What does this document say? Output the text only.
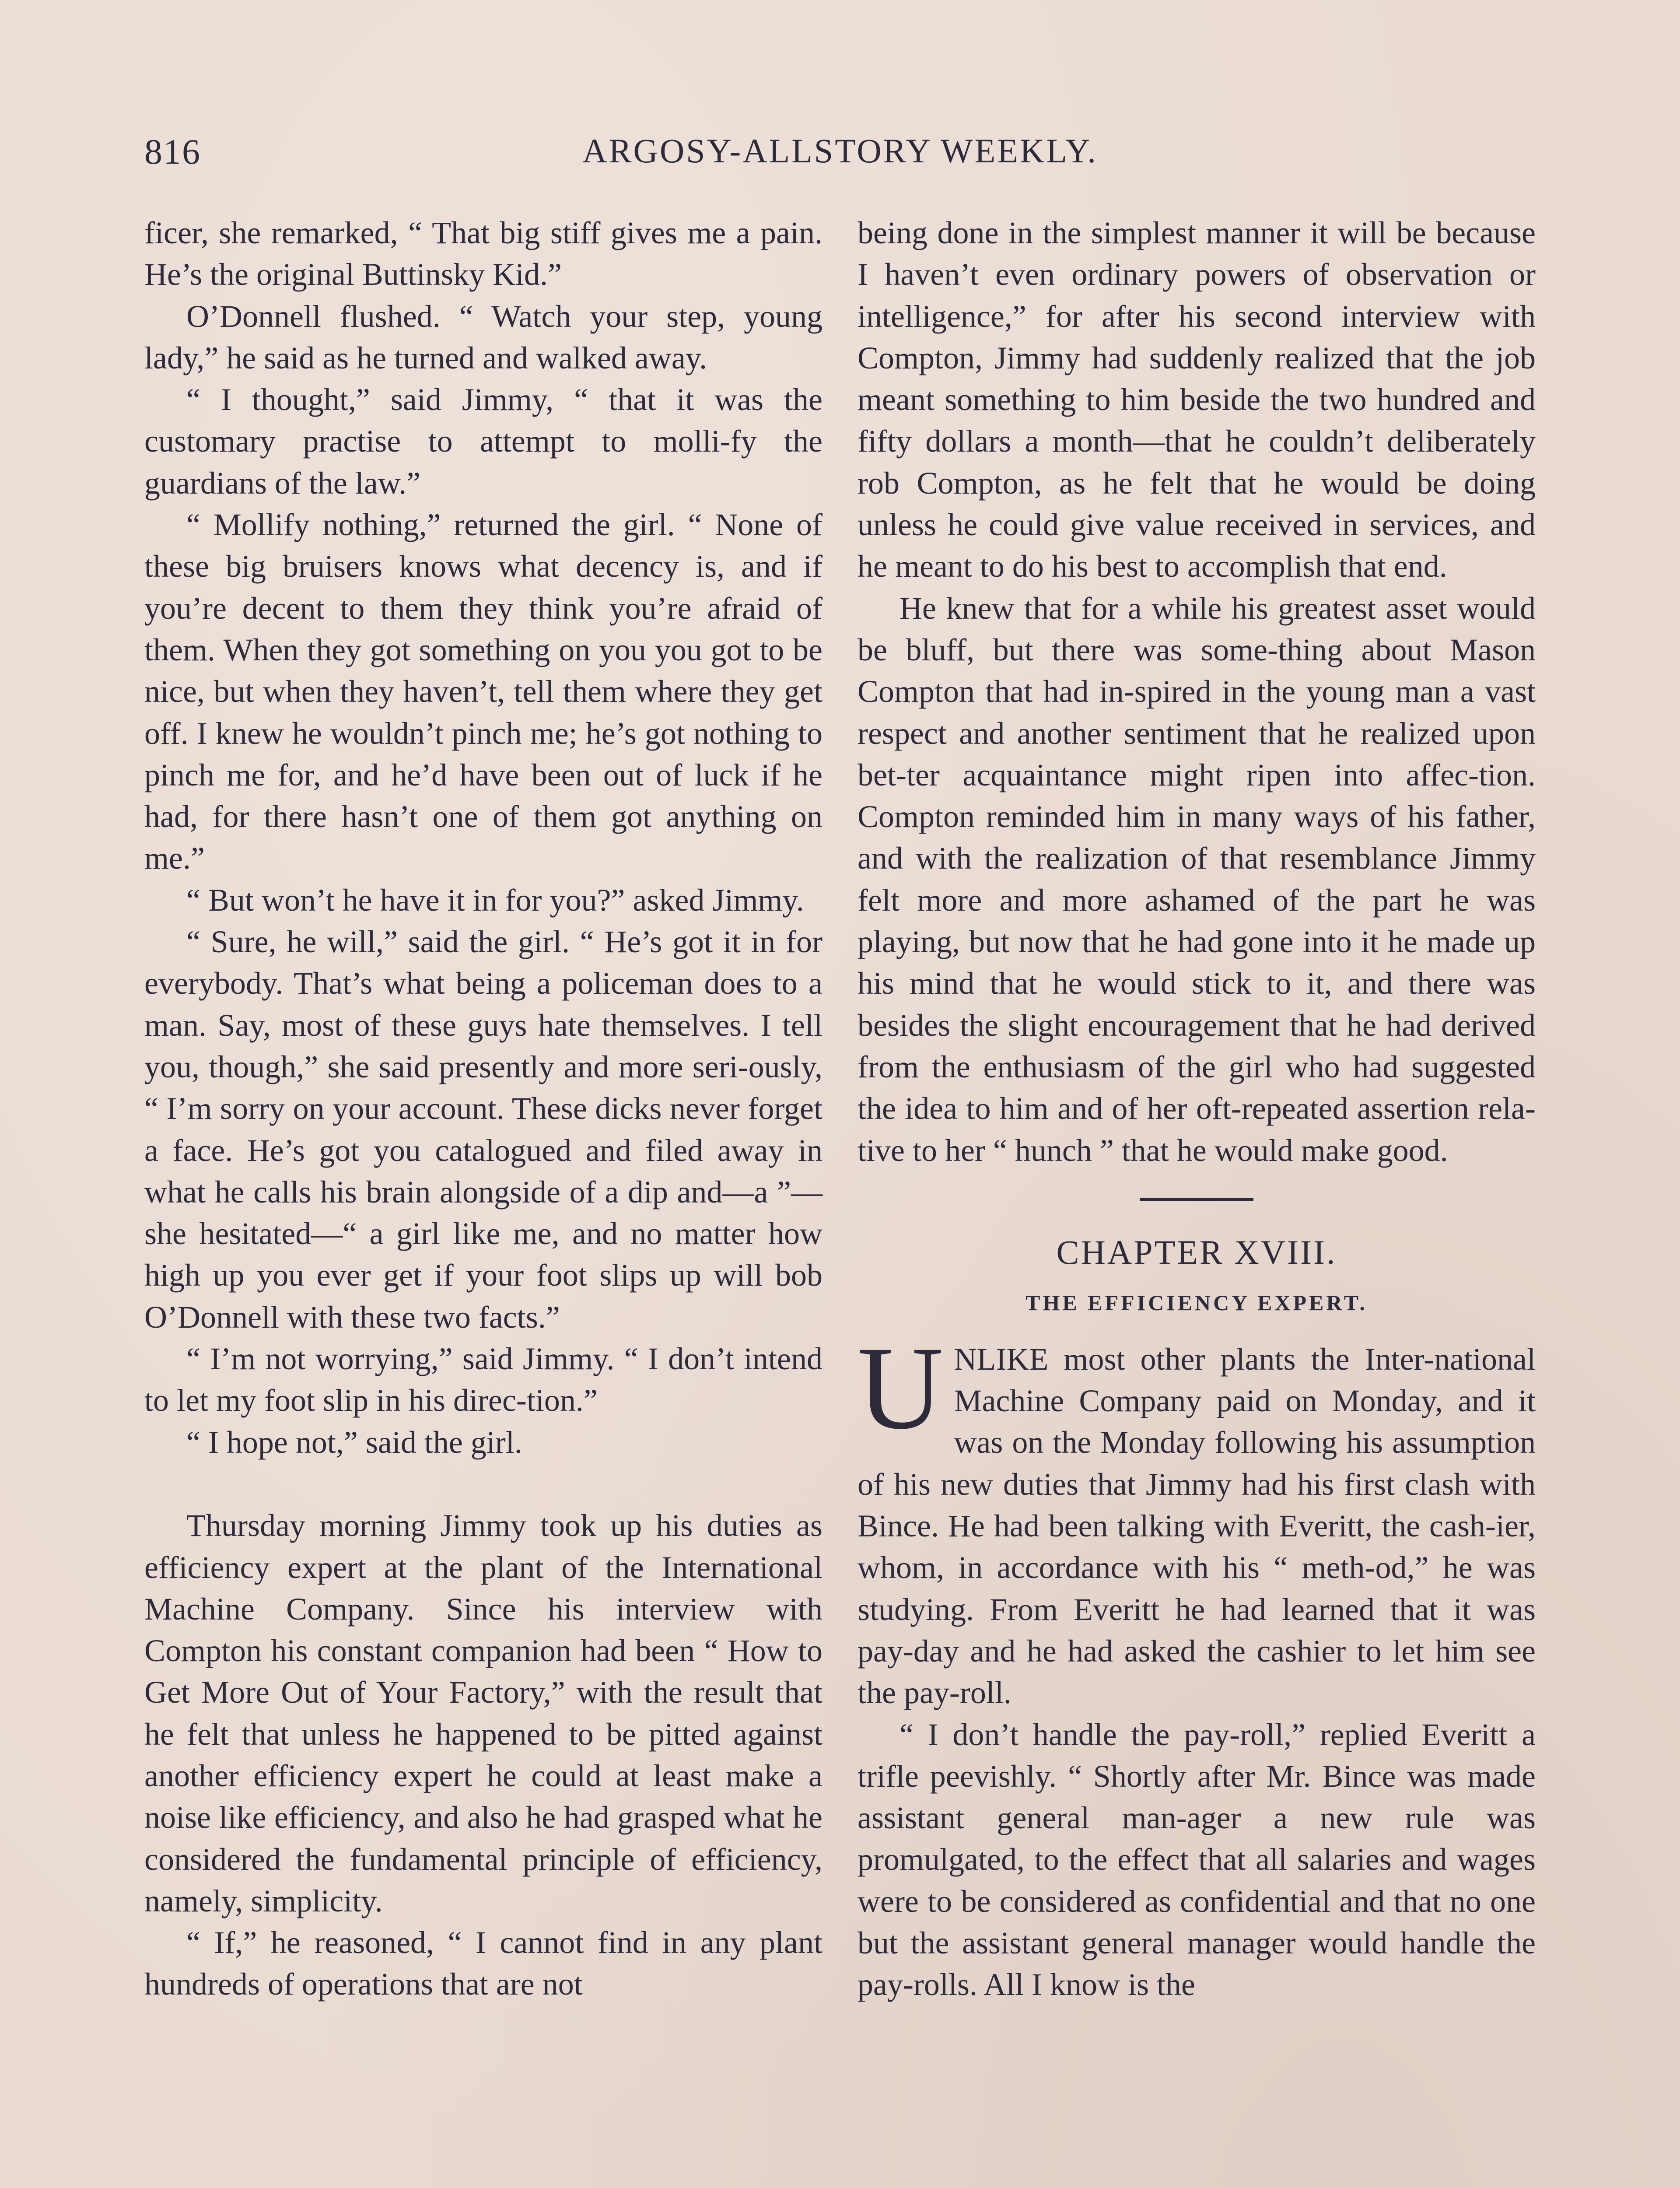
816	ARGOSY-ALLSTORY WEEKLY.

ficer, she remarked, “ That big stiff gives me a pain. He’s the original Buttinsky Kid.”

O’Donnell flushed. “ Watch your step, young lady,” he said as he turned and walked away.

“ I thought,” said Jimmy, “ that it was the customary practise to attempt to molli-fy the guardians of the law.”

“ Mollify nothing,” returned the girl. “ None of these big bruisers knows what decency is, and if you’re decent to them they think you’re afraid of them. When they got something on you you got to be nice, but when they haven’t, tell them where they get off. I knew he wouldn’t pinch me; he’s got nothing to pinch me for, and he’d have been out of luck if he had, for there hasn’t one of them got anything on me.”

“ But won’t he have it in for you?” asked Jimmy.

“ Sure, he will,” said the girl. “ He’s got it in for everybody. That’s what being a policeman does to a man. Say, most of these guys hate themselves. I tell you, though,” she said presently and more seri-ously, “ I’m sorry on your account. These dicks never forget a face. He’s got you catalogued and filed away in what he calls his brain alongside of a dip and—a ”—she hesitated—“ a girl like me, and no matter how high up you ever get if your foot slips up will bob O’Donnell with these two facts.”

“ I’m not worrying,” said Jimmy. “ I don’t intend to let my foot slip in his direc-tion.”

“ I hope not,” said the girl.

Thursday morning Jimmy took up his duties as efficiency expert at the plant of the International Machine Company. Since his interview with Compton his constant companion had been “ How to Get More Out of Your Factory,” with the result that he felt that unless he happened to be pitted against another efficiency expert he could at least make a noise like efficiency, and also he had grasped what he considered the fundamental principle of efficiency, namely, simplicity.

“ If,” he reasoned, “ I cannot find in any plant hundreds of operations that are not

being done in the simplest manner it will be because I haven’t even ordinary powers of observation or intelligence,” for after his second interview with Compton, Jimmy had suddenly realized that the job meant something to him beside the two hundred and fifty dollars a month—that he couldn’t deliberately rob Compton, as he felt that he would be doing unless he could give value received in services, and he meant to do his best to accomplish that end.

He knew that for a while his greatest asset would be bluff, but there was some-thing about Mason Compton that had in-spired in the young man a vast respect and another sentiment that he realized upon bet-ter acquaintance might ripen into affec-tion. Compton reminded him in many ways of his father, and with the realization of that resemblance Jimmy felt more and more ashamed of the part he was playing, but now that he had gone into it he made up his mind that he would stick to it, and there was besides the slight encouragement that he had derived from the enthusiasm of the girl who had suggested the idea to him and of her oft-repeated assertion rela-tive to her “ hunch ” that he would make good.

CHAPTER XVIII.
THE EFFICIENCY EXPERT.
U NLIKE most other plants the Inter-national Machine Company paid on Monday, and it was on the Monday following his assumption of his new duties that Jimmy had his first clash with Bince. He had been talking with Everitt, the cash-ier, whom, in accordance with his “ meth-od,” he was studying. From Everitt he had learned that it was pay-day and he had asked the cashier to let him see the pay-roll.

“ I don’t handle the pay-roll,” replied Everitt a trifle peevishly. “ Shortly after Mr. Bince was made assistant general man-ager a new rule was promulgated, to the effect that all salaries and wages were to be considered as confidential and that no one but the assistant general manager would handle the pay-rolls. All I know is the
